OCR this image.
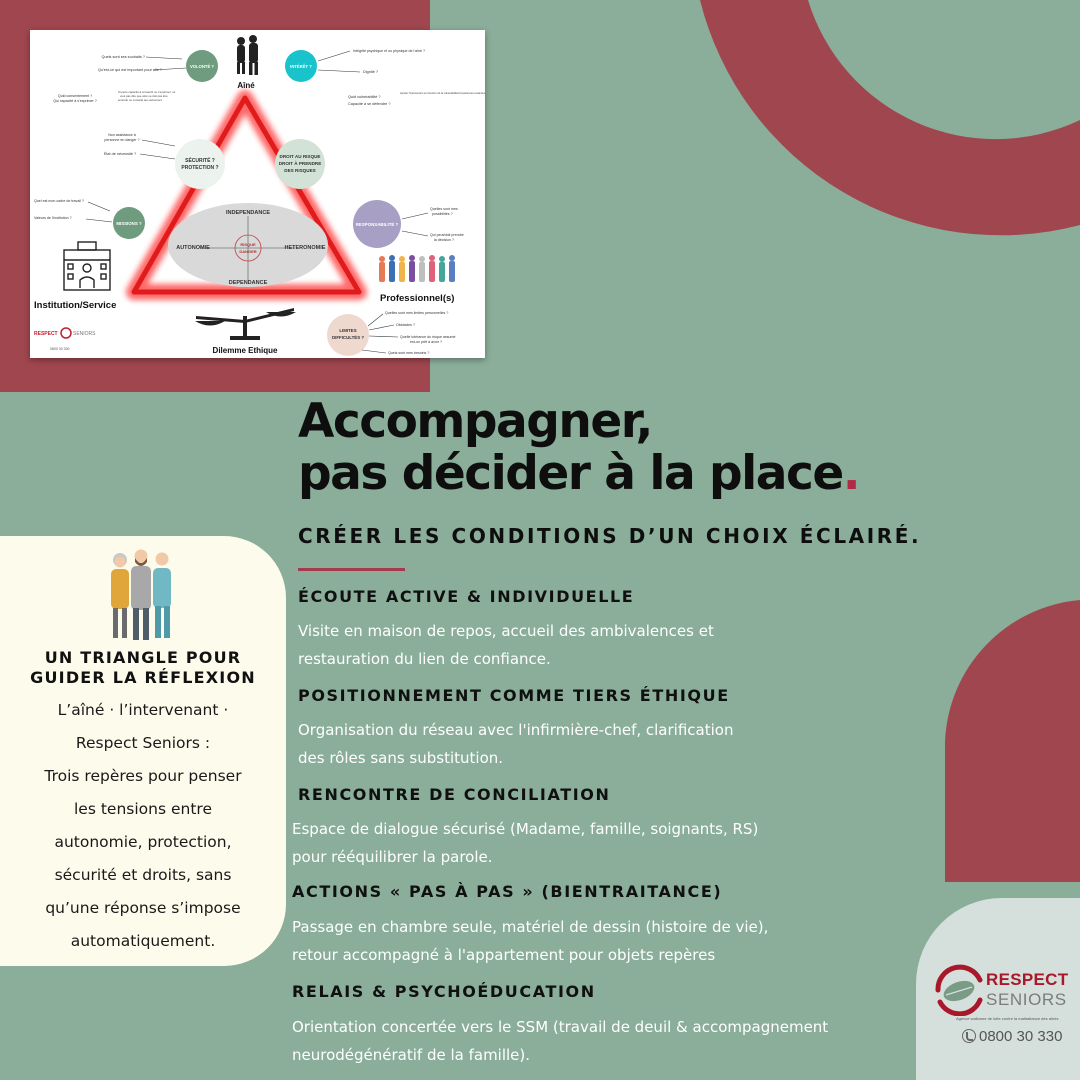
INDEPENDANCE
AUTONOMIE	HETERONOMIE
DEPENDANCE
RISQUE
DANGER
Aîné
VOLONTÉ ?	INTÉRÊT ?
Quels sont ses souhaits ?
Qu'est-ce qui est important pour elle ?
Quid consentement ?
Qui capacité à s'exprimer ?
Si perte capacité à consentir ou s'exprimer, ne
veut pas dire que aîné ne doit pas être
entendu ou consulté aux autrement
Intégrité psychique et ou physique de l'aîné ?
Dignité ?
Quid vulnérabilité ?
Capacité à se défendre ?
Ajuster l'intervention en fonction de la vulnérabilité/compétences restantes
SÉCURITÉ ?
PROTECTION ?
DROIT AU RISQUE
DROIT À PRENDRE
DES RISQUES
Non assistance à
personne en danger ?
État de nécessité ?
MISSIONS ?
Quel est mon cadre de travail ?
Valeurs de l'institution ?
Institution/Service
RESPONSABILITÉ ?
Quelles sont mes
possibilités ?
Qui peut/doit prendre
la décision ?
Professionnel(s)
Dilemme Ethique
LIMITES
DIFFICULTÉS ?
Quelles sont mes limites personnelles ?
Obstacles ?
Quelle tolérance du risque assumé
est-on prêt à avoir ?
Quels sont mes besoins ?
RESPECT	SENIORS
0800 30 330
Accompagner,
pas décider à la place.
CRÉER LES CONDITIONS D’UN CHOIX ÉCLAIRÉ.
ÉCOUTE ACTIVE & INDIVIDUELLE
Visite en maison de repos, accueil des ambivalences et
restauration du lien de confiance.
POSITIONNEMENT COMME TIERS ÉTHIQUE
Organisation du réseau avec l'infirmière-chef, clarification
des rôles sans substitution.
RENCONTRE DE CONCILIATION
Espace de dialogue sécurisé (Madame, famille, soignants, RS)
pour rééquilibrer la parole.
ACTIONS « PAS À PAS » (BIENTRAITANCE)
Passage en chambre seule, matériel de dessin (histoire de vie),
retour accompagné à l'appartement pour objets repères
RELAIS & PSYCHOÉDUCATION
Orientation concertée vers le SSM (travail de deuil & accompagnement
neurodégénératif de la famille).
UN TRIANGLE POUR
GUIDER LA RÉFLEXION
L’aîné · l’intervenant ·
Respect Seniors :
Trois repères pour penser
les tensions entre
autonomie, protection,
sécurité et droits, sans
qu’une réponse s’impose
automatiquement.
RESPECT
SENIORS
Agence wallonne de lutte contre la maltraitance des aînés
0800 30 330
